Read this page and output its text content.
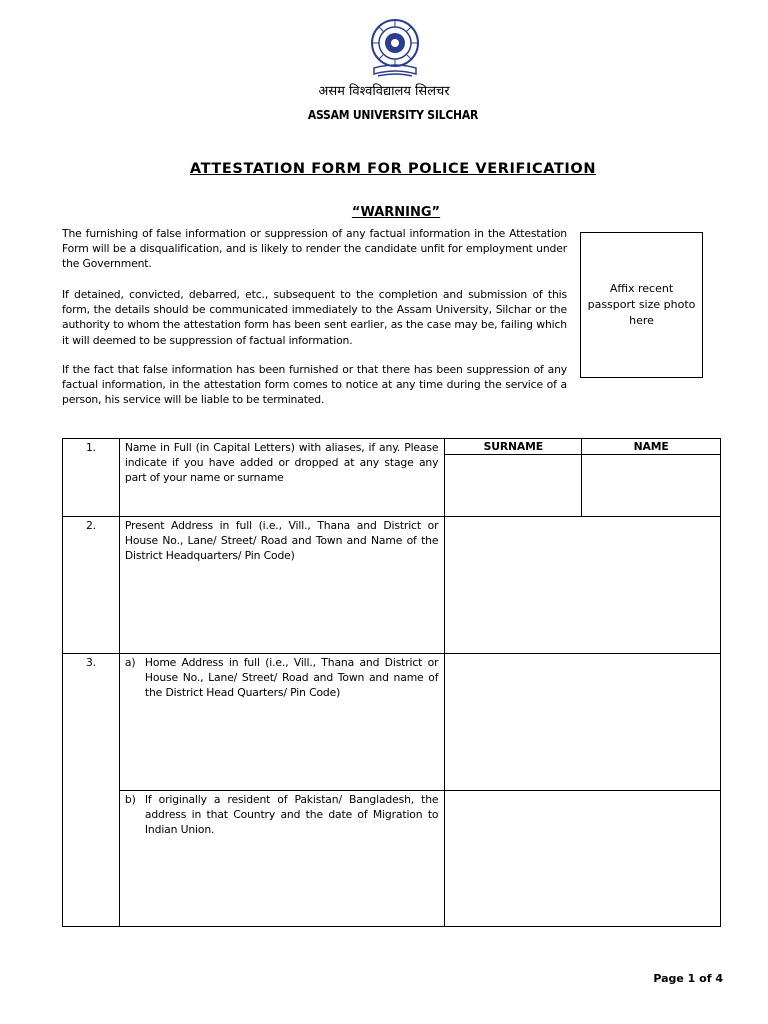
असम विश्वविद्यालय सिलचर
ASSAM UNIVERSITY SILCHAR
ATTESTATION FORM FOR POLICE VERIFICATION
“WARNING”
The furnishing of false information or suppression of any factual information in the Attestation Form will be a disqualification, and is likely to render the candidate unfit for employment under the Government.
If detained, convicted, debarred, etc., subsequent to the completion and submission of this form, the details should be communicated immediately to the Assam University, Silchar or the authority to whom the attestation form has been sent earlier, as the case may be, failing which it will deemed to be suppression of factual information.
If the fact that false information has been furnished or that there has been suppression of any factual information, in the attestation form comes to notice at any time during the service of a person, his service will be liable to be terminated.
Affix recent passport size photo here
1.	Name in Full (in Capital Letters) with aliases, if any. Please indicate if you have added or dropped at any stage any part of your name or surname	SURNAME	NAME

2.	Present Address in full (i.e., Vill., Thana and District or House No., Lane/ Street/ Road and Town and Name of the District Headquarters/ Pin Code)		
3.	a) Home Address in full (i.e., Vill., Thana and District or House No., Lane/ Street/ Road and Town and name of the District Head Quarters/ Pin Code)		

	b) If originally a resident of Pakistan/ Bangladesh, the address in that Country and the date of Migration to Indian Union.		

Page 1 of 4
